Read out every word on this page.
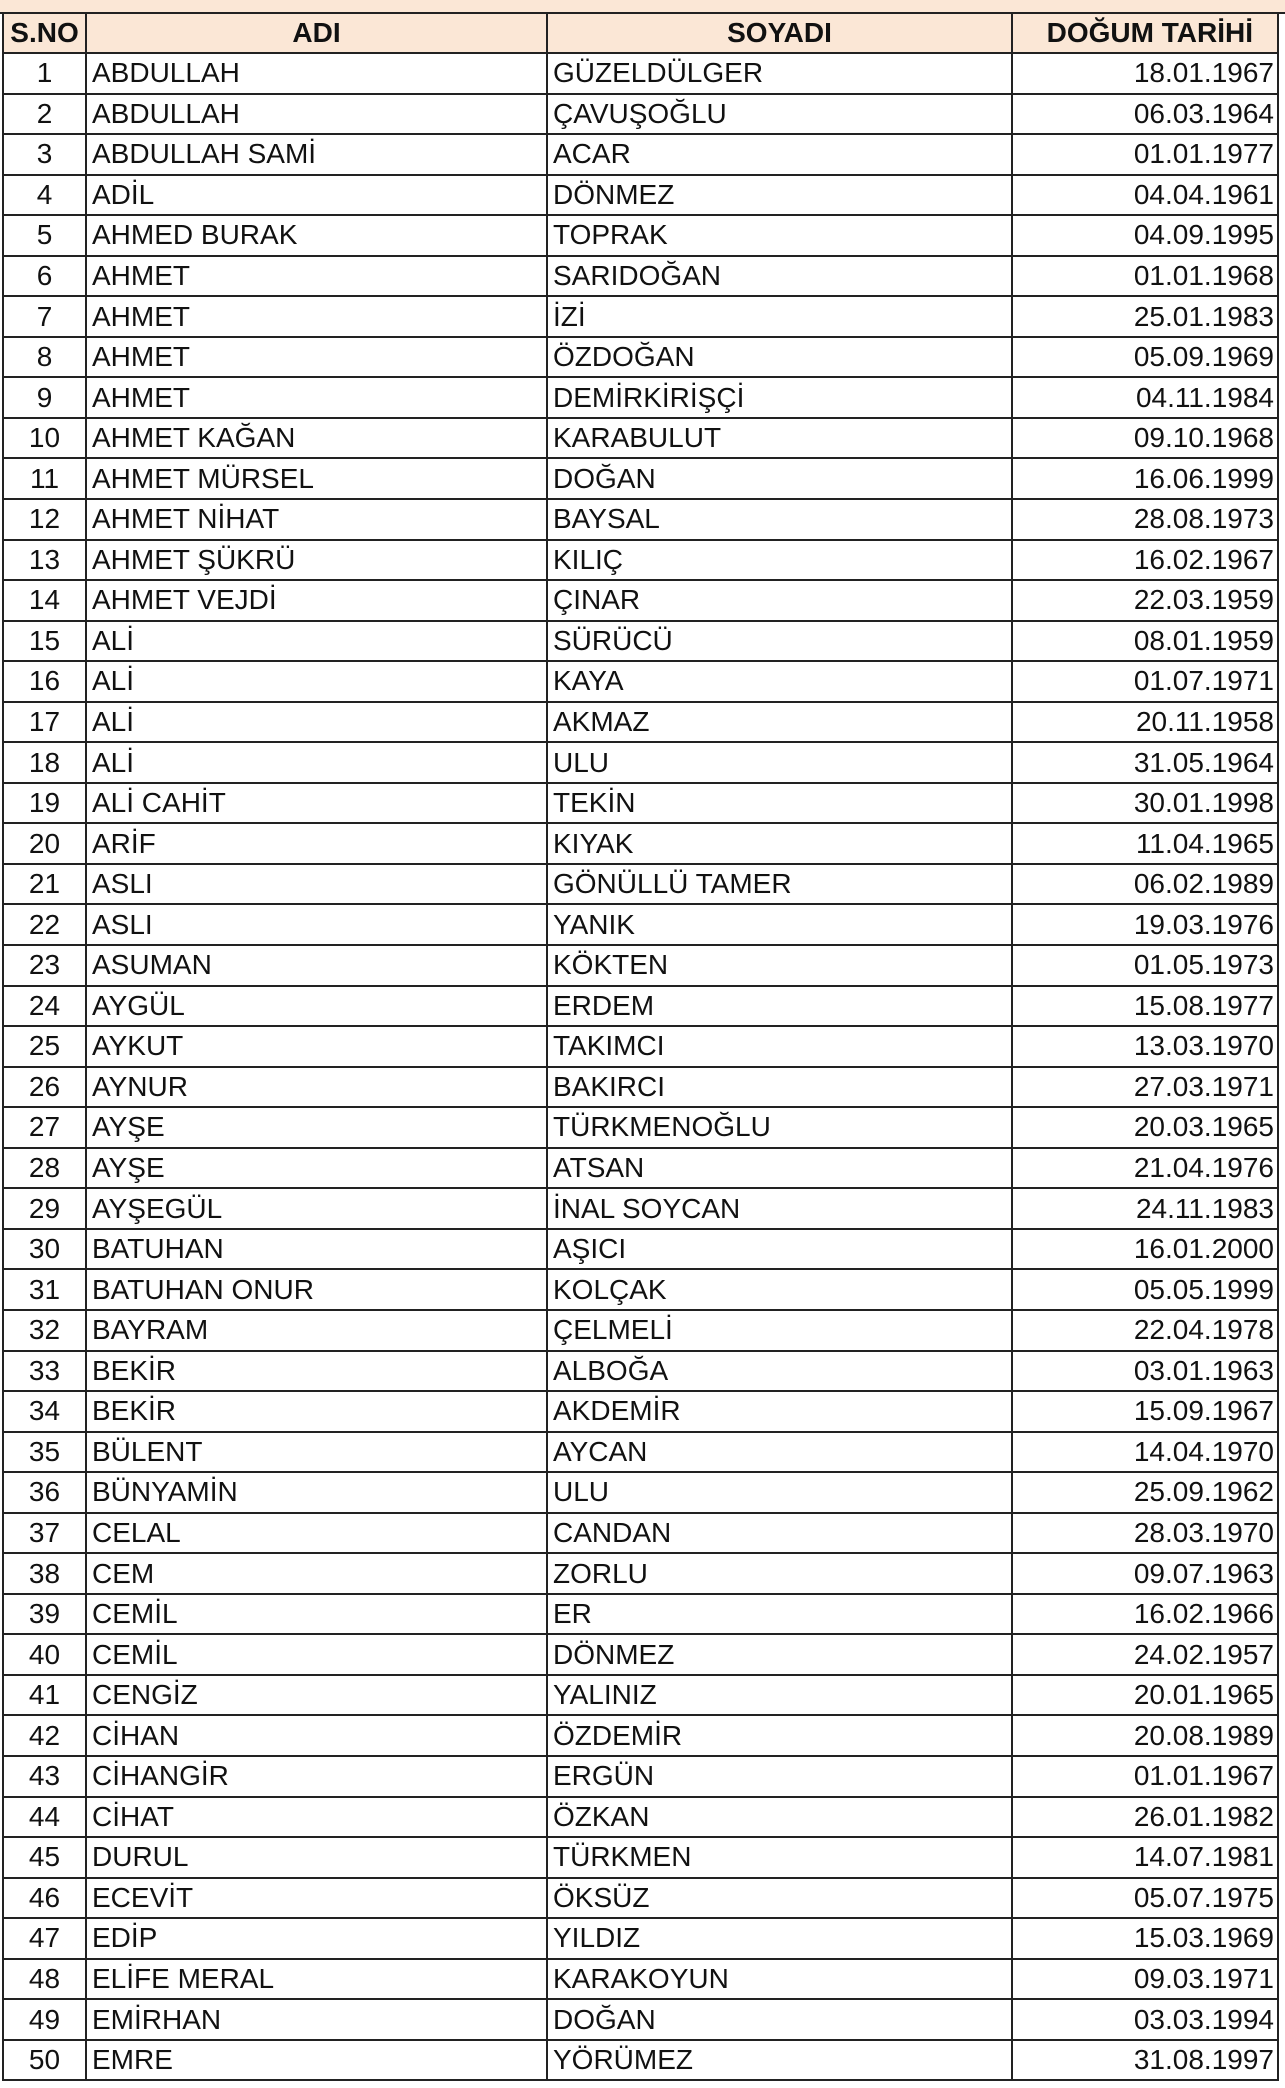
S.NO	ADI	SOYADI	DOĞUM TARİHİ
1	ABDULLAH	GÜZELDÜLGER	18.01.1967
2	ABDULLAH	ÇAVUŞOĞLU	06.03.1964
3	ABDULLAH SAMİ	ACAR	01.01.1977
4	ADİL	DÖNMEZ	04.04.1961
5	AHMED BURAK	TOPRAK	04.09.1995
6	AHMET	SARIDOĞAN	01.01.1968
7	AHMET	İZİ	25.01.1983
8	AHMET	ÖZDOĞAN	05.09.1969
9	AHMET	DEMİRKİRİŞÇİ	04.11.1984
10	AHMET KAĞAN	KARABULUT	09.10.1968
11	AHMET MÜRSEL	DOĞAN	16.06.1999
12	AHMET NİHAT	BAYSAL	28.08.1973
13	AHMET ŞÜKRÜ	KILIÇ	16.02.1967
14	AHMET VEJDİ	ÇINAR	22.03.1959
15	ALİ	SÜRÜCÜ	08.01.1959
16	ALİ	KAYA	01.07.1971
17	ALİ	AKMAZ	20.11.1958
18	ALİ	ULU	31.05.1964
19	ALİ CAHİT	TEKİN	30.01.1998
20	ARİF	KIYAK	11.04.1965
21	ASLI	GÖNÜLLÜ TAMER	06.02.1989
22	ASLI	YANIK	19.03.1976
23	ASUMAN	KÖKTEN	01.05.1973
24	AYGÜL	ERDEM	15.08.1977
25	AYKUT	TAKIMCI	13.03.1970
26	AYNUR	BAKIRCI	27.03.1971
27	AYŞE	TÜRKMENOĞLU	20.03.1965
28	AYŞE	ATSAN	21.04.1976
29	AYŞEGÜL	İNAL SOYCAN	24.11.1983
30	BATUHAN	AŞICI	16.01.2000
31	BATUHAN ONUR	KOLÇAK	05.05.1999
32	BAYRAM	ÇELMELİ	22.04.1978
33	BEKİR	ALBOĞA	03.01.1963
34	BEKİR	AKDEMİR	15.09.1967
35	BÜLENT	AYCAN	14.04.1970
36	BÜNYAMİN	ULU	25.09.1962
37	CELAL	CANDAN	28.03.1970
38	CEM	ZORLU	09.07.1963
39	CEMİL	ER	16.02.1966
40	CEMİL	DÖNMEZ	24.02.1957
41	CENGİZ	YALINIZ	20.01.1965
42	CİHAN	ÖZDEMİR	20.08.1989
43	CİHANGİR	ERGÜN	01.01.1967
44	CİHAT	ÖZKAN	26.01.1982
45	DURUL	TÜRKMEN	14.07.1981
46	ECEVİT	ÖKSÜZ	05.07.1975
47	EDİP	YILDIZ	15.03.1969
48	ELİFE MERAL	KARAKOYUN	09.03.1971
49	EMİRHAN	DOĞAN	03.03.1994
50	EMRE	YÖRÜMEZ	31.08.1997
